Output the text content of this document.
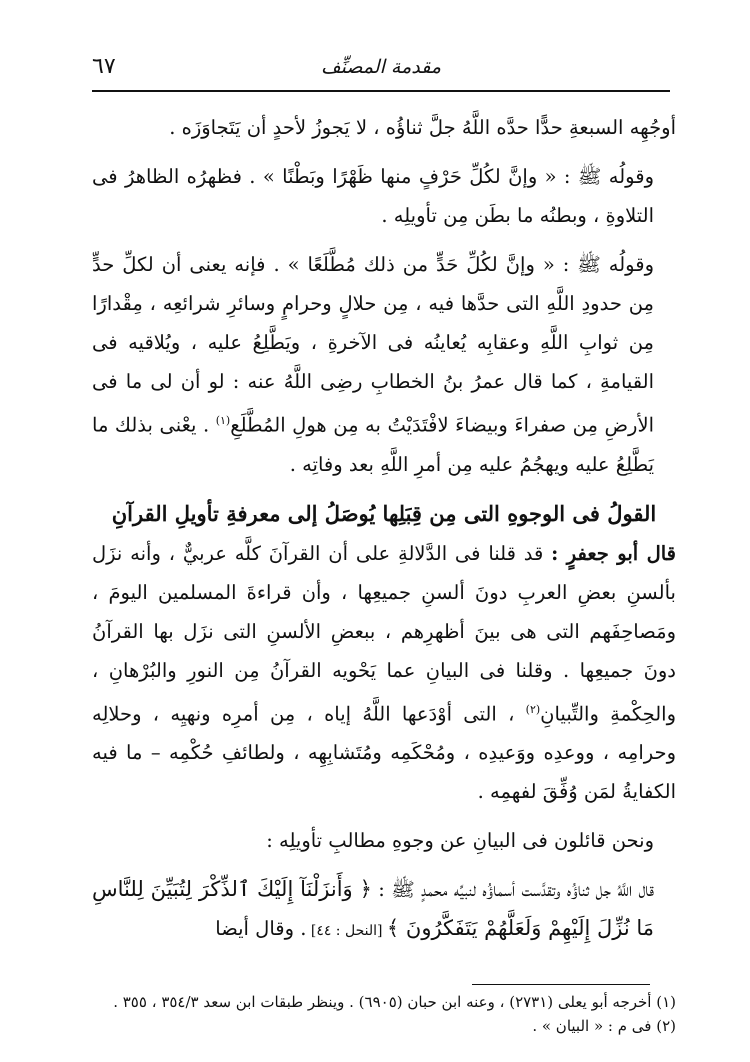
مقدمة المصنِّف
٦٧

أوجُهِه السبعةِ حدًّا حدَّه اللَّهُ جلَّ ثناؤُه ، لا يَجوزُ لأحدٍ أن يَتَجاوَزَه .

وقولُه ﷺ : « وإنَّ لكُلِّ حَرْفٍ منها ظَهْرًا وبَطْنًا » . فظهرُه الظاهرُ فى التلاوةِ ، وبطنُه ما بطَن مِن تأويلِه .

وقولُه ﷺ : « وإنَّ لكُلِّ حَدٍّ من ذلك مُطَّلَعًا » . فإنه يعنى أن لكلِّ حدٍّ مِن حدودِ اللَّهِ التى حدَّها فيه ، مِن حلالٍ وحرامٍ وسائرِ شرائعِه ، مِقْدارًا مِن ثوابِ اللَّهِ وعقابِه يُعاينُه فى الآخرةِ ، ويَطَّلِعُ عليه ، ويُلاقيه فى القيامةِ ، كما قال عمرُ بنُ الخطابِ رضِى اللَّهُ عنه : لو أن لى ما فى الأرضِ مِن صفراءَ وبيضاءَ لافْتَدَيْتُ به مِن هولِ المُطَّلَعِ$^{(١)}$ . يعْنى بذلك ما يَطَّلِعُ عليه ويهجُمُ عليه مِن أمرِ اللَّهِ بعد وفاتِه .

القولُ فى الوجوهِ التى مِن قِبَلِها يُوصَلُ إلى معرفةِ تأويلِ القرآنِ

قال أبو جعفرٍ : قد قلنا فى الدَّلالةِ على أن القرآنَ كلَّه عربيٌّ ، وأنه نزَل بألسنِ بعضِ العربِ دونَ ألسنِ جميعِها ، وأن قراءةَ المسلمين اليومَ ، ومَصاحِفَهم التى هى بينَ أظهرِهم ، ببعضِ الألسنِ التى نزَل بها القرآنُ دونَ جميعِها . وقلنا فى البيانِ عما يَحْويه القرآنُ مِن النورِ والبُرْهانِ ، والحِكْمةِ والتِّبيانِ$^{(٢)}$ ، التى أوْدَعها اللَّهُ إياه ، مِن أمرِه ونهيِه ، وحلالِه وحرامِه ، ووعدِه ووَعيدِه ، ومُحْكَمِه ومُتَشابِهِه ، ولطائفِ حُكْمِه – ما فيه الكفايةُ لمَن وُفِّقَ لفهمِه .

ونحن قائلون فى البيانِ عن وجوهِ مطالبِ تأويلِه :

قال اللَّهُ جل ثناؤُه وتقدَّست أسماؤُه لنبيِّه محمدٍ ﷺ : ﴿ وَأَنزَلْنَآ إِلَيْكَ ٱلذِّكْرَ لِتُبَيِّنَ لِلنَّاسِ مَا نُزِّلَ إِلَيْهِمْ وَلَعَلَّهُمْ يَتَفَكَّرُونَ ﴾ [النحل : ٤٤] . وقال أيضا

(١) أخرجه أبو يعلى (٢٧٣١) ، وعنه ابن حبان (٦٩٠٥) . وينظر طبقات ابن سعد ٣٥٤/٣ ، ٣٥٥ .

(٢) فى م : « البيان » .
